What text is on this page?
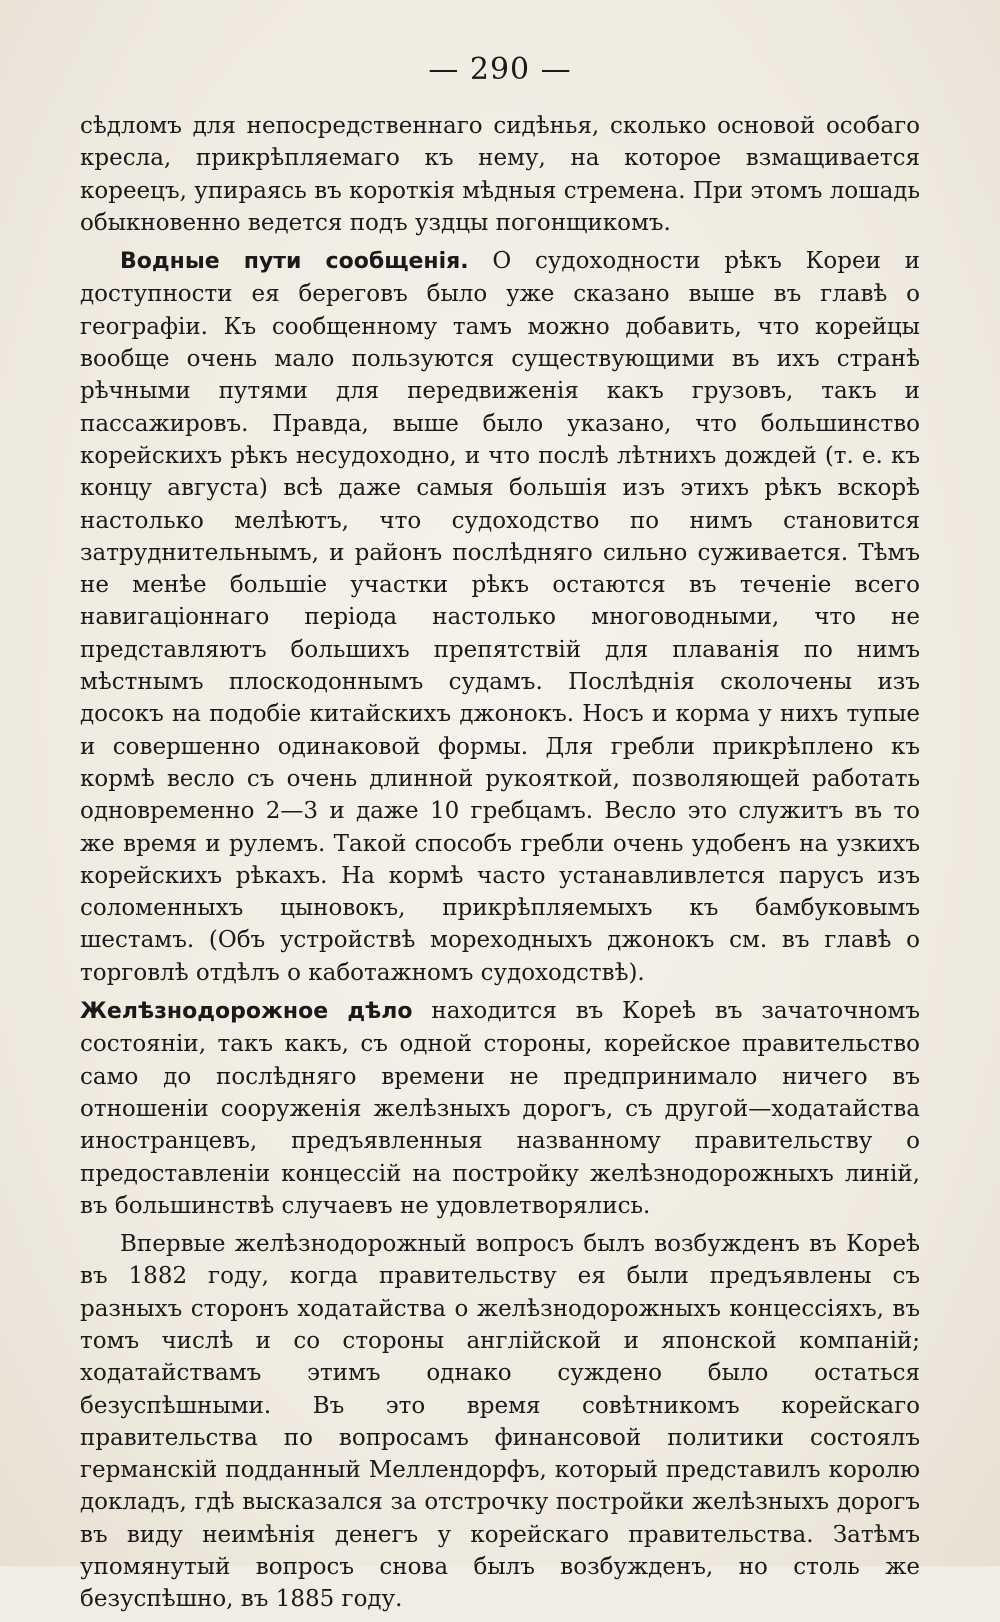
— 290 —

сѣдломъ для непосредственнаго сидѣнья, сколько основой особаго кресла, прикрѣпляемаго къ нему, на которое взмащивается кореецъ, упираясь въ короткія мѣдныя стремена. При этомъ лошадь обыкновенно ведется подъ уздцы погонщикомъ.

Водные пути сообщенія. О судоходности рѣкъ Кореи и доступности ея береговъ было уже сказано выше въ главѣ о географіи. Къ сообщенному тамъ можно добавить, что корейцы вообще очень мало пользуются существующими въ ихъ странѣ рѣчными путями для передвиженія какъ грузовъ, такъ и пассажировъ. Правда, выше было указано, что большинство корейскихъ рѣкъ несудоходно, и что послѣ лѣтнихъ дождей (т. е. къ концу августа) всѣ даже самыя большія изъ этихъ рѣкъ вскорѣ настолько мелѣютъ, что судоходство по нимъ становится затруднительнымъ, и районъ послѣдняго сильно суживается. Тѣмъ не менѣе большіе участки рѣкъ остаются въ теченіе всего навигаціоннаго періода настолько многоводными, что не представляютъ большихъ препятствій для плаванія по нимъ мѣстнымъ плоскодоннымъ судамъ. Послѣднія сколочены изъ досокъ на подобіе китайскихъ джонокъ. Носъ и корма у нихъ тупые и совершенно одинаковой формы. Для гребли прикрѣплено къ кормѣ весло съ очень длинной рукояткой, позволяющей работать одновременно 2—3 и даже 10 гребцамъ. Весло это служитъ въ то же время и рулемъ. Такой способъ гребли очень удобенъ на узкихъ корейскихъ рѣкахъ. На кормѣ часто устанавливлется парусъ изъ соломенныхъ цыновокъ, прикрѣпляемыхъ къ бамбуковымъ шестамъ. (Объ устройствѣ мореходныхъ джонокъ см. въ главѣ о торговлѣ отдѣлъ о каботажномъ судоходствѣ).

Желѣзнодорожное дѣло находится въ Кореѣ въ зачаточномъ состояніи, такъ какъ, съ одной стороны, корейское правительство само до послѣдняго времени не предпринимало ничего въ отношеніи сооруженія желѣзныхъ дорогъ, съ другой—ходатайства иностранцевъ, предъявленныя названному правительству о предоставленіи концессій на постройку желѣзнодорожныхъ линій, въ большинствѣ случаевъ не удовлетворялись.

Впервые желѣзнодорожный вопросъ былъ возбужденъ въ Кореѣ въ 1882 году, когда правительству ея были предъявлены съ разныхъ сторонъ ходатайства о желѣзнодорожныхъ концессіяхъ, въ томъ числѣ и со стороны англійской и японской компаній; ходатайствамъ этимъ однако суждено было остаться безуспѣшными. Въ это время совѣтникомъ корейскаго правительства по вопросамъ финансовой политики состоялъ германскій подданный Меллендорфъ, который представилъ королю докладъ, гдѣ высказался за отстрочку постройки желѣзныхъ дорогъ въ виду неимѣнія денегъ у корейскаго правительства. Затѣмъ упомянутый вопросъ снова былъ возбужденъ, но столь же безуспѣшно, въ 1885 году.
